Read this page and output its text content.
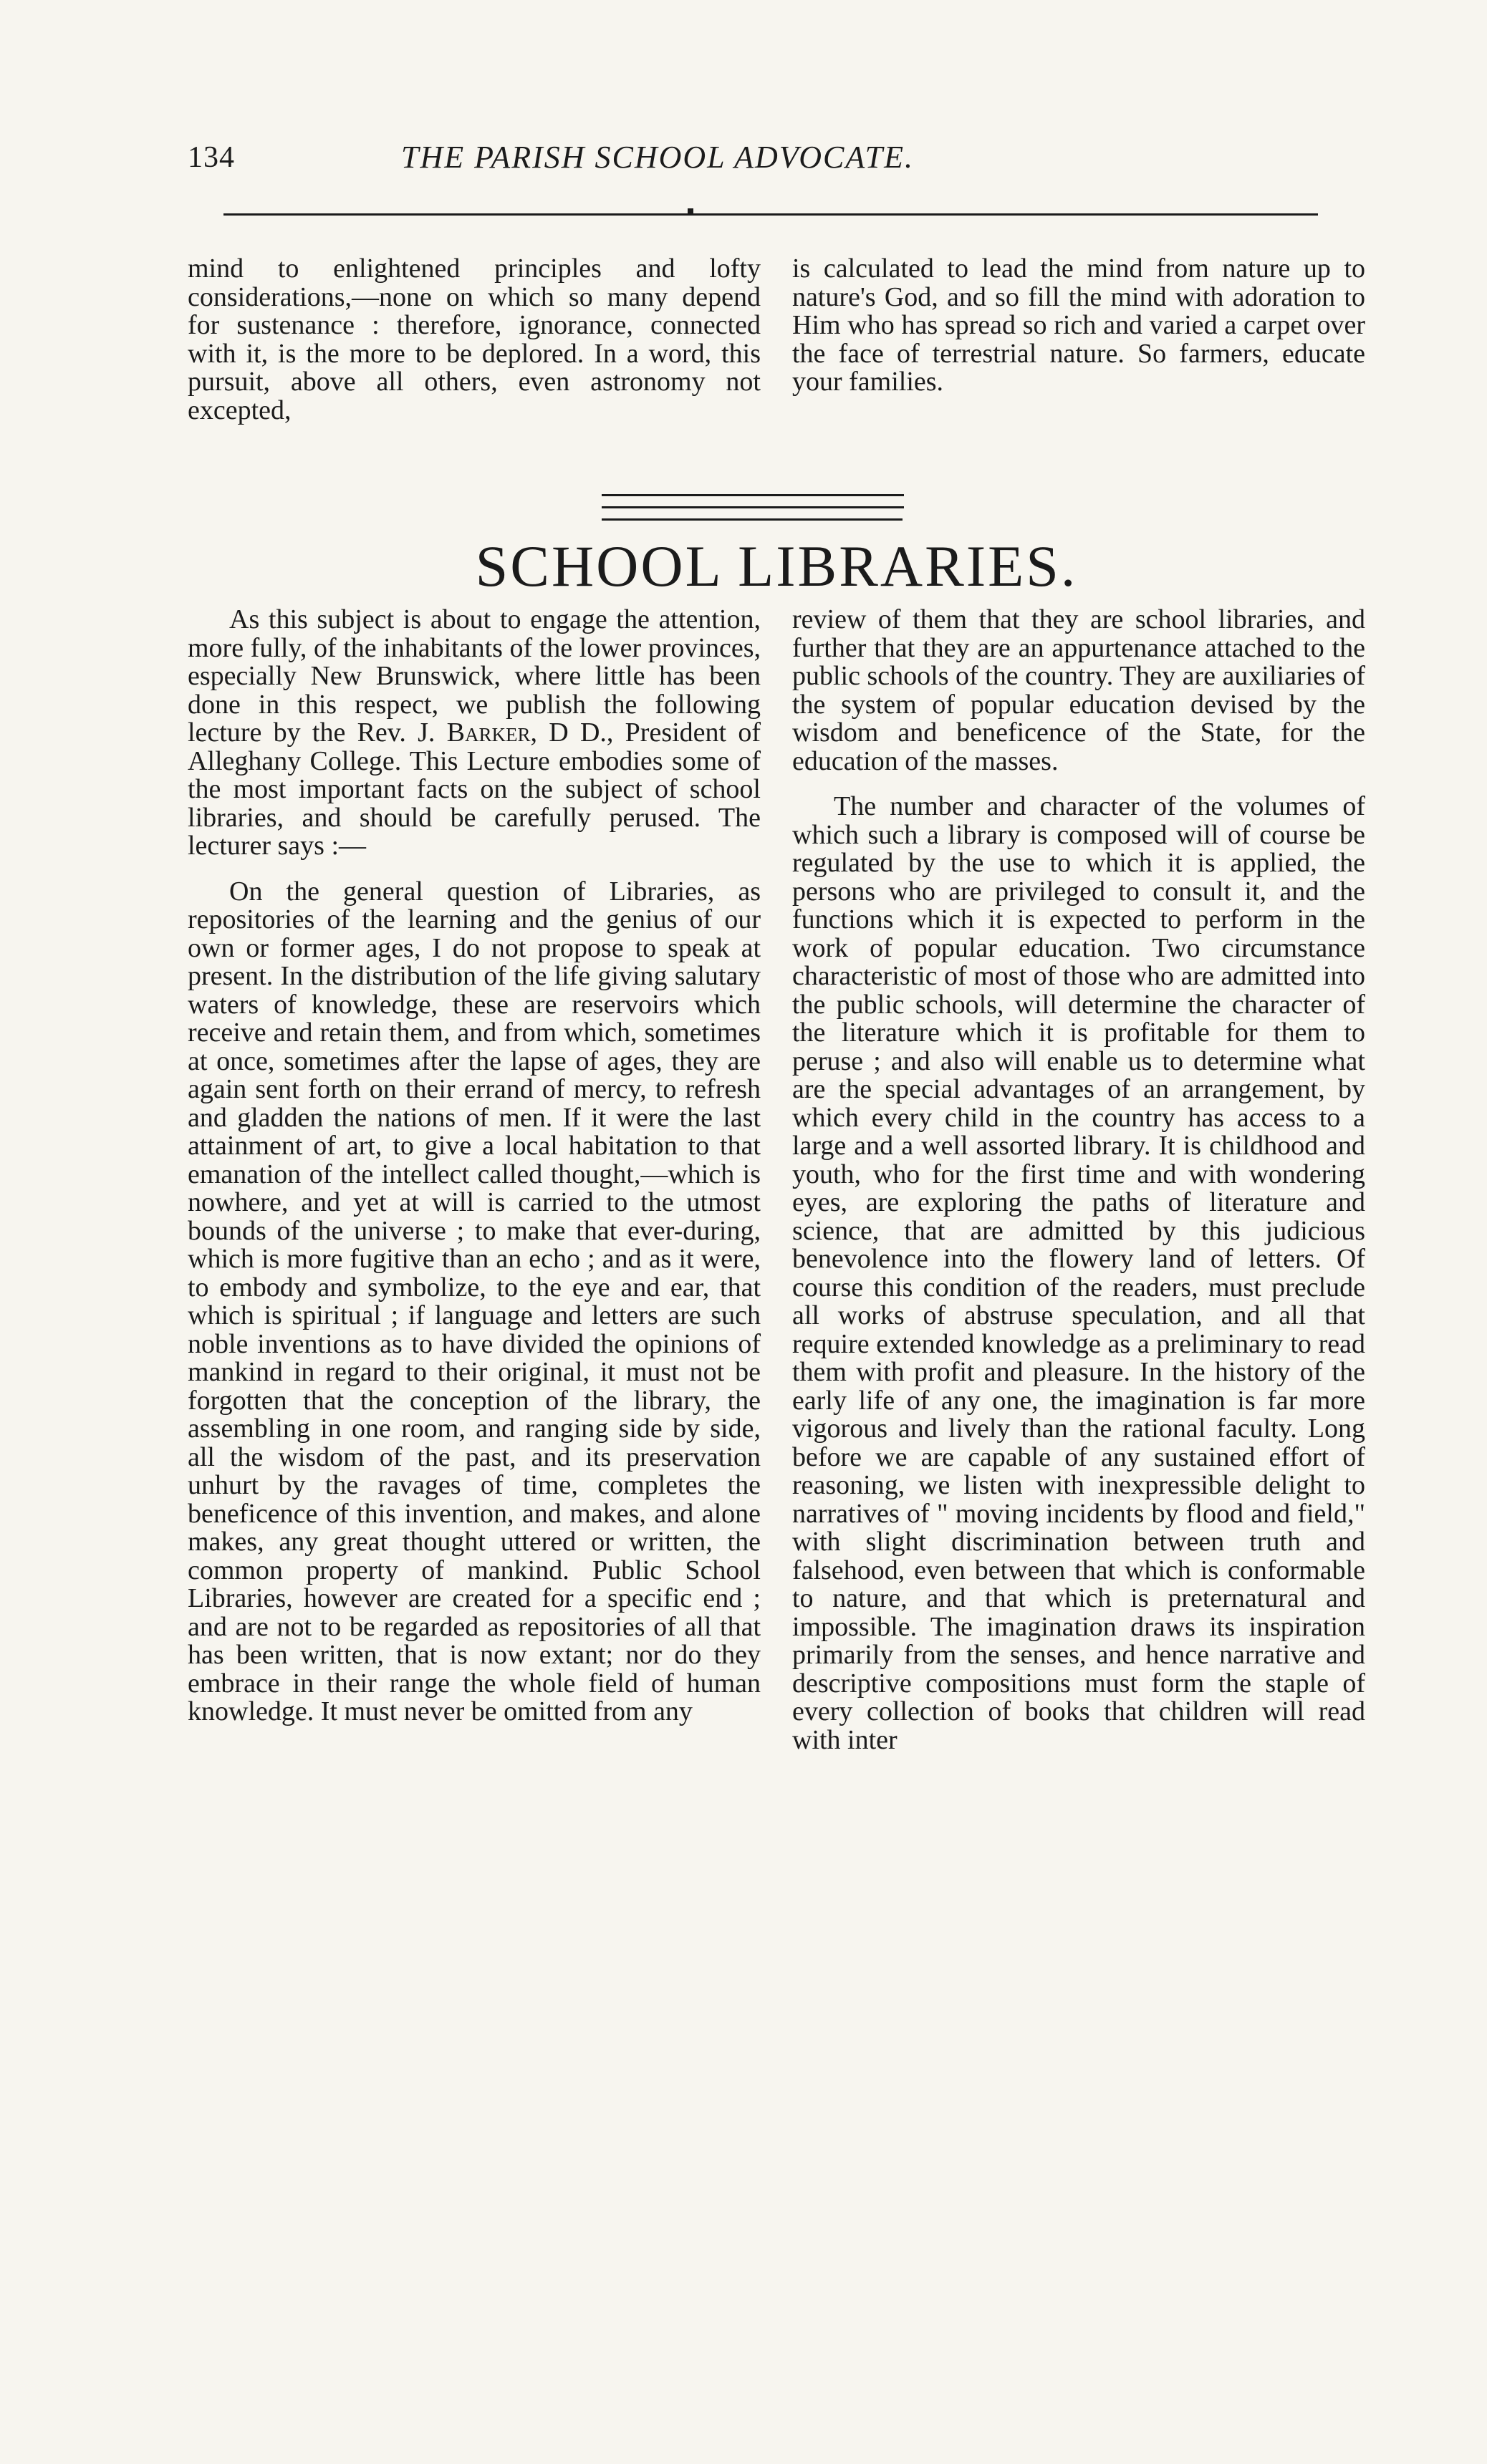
134	THE PARISH SCHOOL ADVOCATE.

mind to enlightened principles and lofty considerations,—none on which so many depend for sustenance : therefore, ignorance, connected with it, is the more to be deplored. In a word, this pursuit, above all others, even astronomy not excepted,

is calculated to lead the mind from nature up to nature's God, and so fill the mind with adoration to Him who has spread so rich and varied a carpet over the face of terrestrial nature. So farmers, educate your families.

SCHOOL LIBRARIES.

As this subject is about to engage the attention, more fully, of the inhabitants of the lower provinces, especially New Brunswick, where little has been done in this respect, we publish the following lecture by the Rev. J. Barker, D D., President of Alleghany College. This Lecture embodies some of the most important facts on the subject of school libraries, and should be carefully perused. The lecturer says :—

On the general question of Libraries, as repositories of the learning and the genius of our own or former ages, I do not propose to speak at present. In the distribution of the life giving salutary waters of knowledge, these are reservoirs which receive and retain them, and from which, sometimes at once, sometimes after the lapse of ages, they are again sent forth on their errand of mercy, to refresh and gladden the nations of men. If it were the last attainment of art, to give a local habitation to that emanation of the intellect called thought,—which is nowhere, and yet at will is carried to the utmost bounds of the universe ; to make that ever-during, which is more fugitive than an echo ; and as it were, to embody and symbolize, to the eye and ear, that which is spiritual ; if language and letters are such noble inventions as to have divided the opinions of mankind in regard to their original, it must not be forgotten that the conception of the library, the assembling in one room, and ranging side by side, all the wisdom of the past, and its preservation unhurt by the ravages of time, completes the beneficence of this invention, and makes, and alone makes, any great thought uttered or written, the common property of mankind. Public School Libraries, however are created for a specific end ; and are not to be regarded as repositories of all that has been written, that is now extant; nor do they embrace in their range the whole field of human knowledge. It must never be omitted from any

review of them that they are school libraries, and further that they are an appurtenance attached to the public schools of the country. They are auxiliaries of the system of popular education devised by the wisdom and beneficence of the State, for the education of the masses.

The number and character of the volumes of which such a library is composed will of course be regulated by the use to which it is applied, the persons who are privileged to consult it, and the functions which it is expected to perform in the work of popular education. Two circumstance characteristic of most of those who are admitted into the public schools, will determine the character of the literature which it is profitable for them to peruse ; and also will enable us to determine what are the special advantages of an arrangement, by which every child in the country has access to a large and a well assorted library. It is childhood and youth, who for the first time and with wondering eyes, are exploring the paths of literature and science, that are admitted by this judicious benevolence into the flowery land of letters. Of course this condition of the readers, must preclude all works of abstruse speculation, and all that require extended knowledge as a preliminary to read them with profit and pleasure. In the history of the early life of any one, the imagination is far more vigorous and lively than the rational faculty. Long before we are capable of any sustained effort of reasoning, we listen with inexpressible delight to narratives of " moving incidents by flood and field," with slight discrimination between truth and falsehood, even between that which is conformable to nature, and that which is preternatural and impossible. The imagination draws its inspiration primarily from the senses, and hence narrative and descriptive compositions must form the staple of every collection of books that children will read with inter
